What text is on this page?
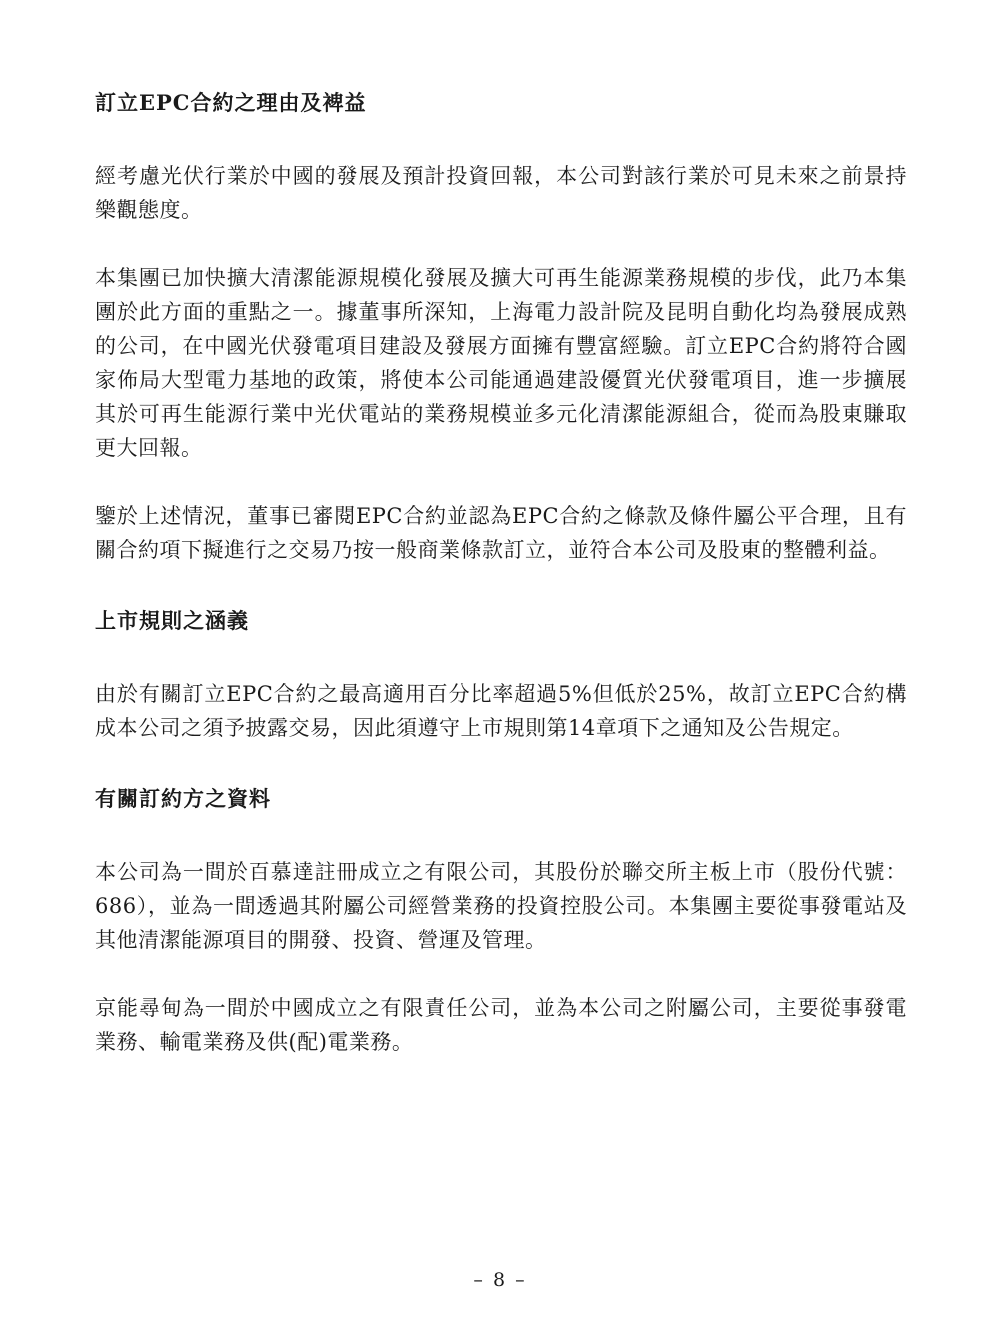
訂立EPC合約之理由及裨益

經考慮光伏行業於中國的發展及預計投資回報，本公司對該行業於可見未來之前景持樂觀態度。

本集團已加快擴大清潔能源規模化發展及擴大可再生能源業務規模的步伐，此乃本集團於此方面的重點之一。據董事所深知，上海電力設計院及昆明自動化均為發展成熟的公司，在中國光伏發電項目建設及發展方面擁有豐富經驗。訂立EPC合約將符合國家佈局大型電力基地的政策，將使本公司能通過建設優質光伏發電項目，進一步擴展其於可再生能源行業中光伏電站的業務規模並多元化清潔能源組合，從而為股東賺取更大回報。

鑒於上述情況，董事已審閱EPC合約並認為EPC合約之條款及條件屬公平合理，且有關合約項下擬進行之交易乃按一般商業條款訂立，並符合本公司及股東的整體利益。

上市規則之涵義

由於有關訂立EPC合約之最高適用百分比率超過5%但低於25%，故訂立EPC合約構成本公司之須予披露交易，因此須遵守上市規則第14章項下之通知及公告規定。

有關訂約方之資料

本公司為一間於百慕達註冊成立之有限公司，其股份於聯交所主板上市（股份代號：686），並為一間透過其附屬公司經營業務的投資控股公司。本集團主要從事發電站及其他清潔能源項目的開發、投資、營運及管理。

京能尋甸為一間於中國成立之有限責任公司，並為本公司之附屬公司，主要從事發電業務、輸電業務及供(配)電業務。

– 8 –
